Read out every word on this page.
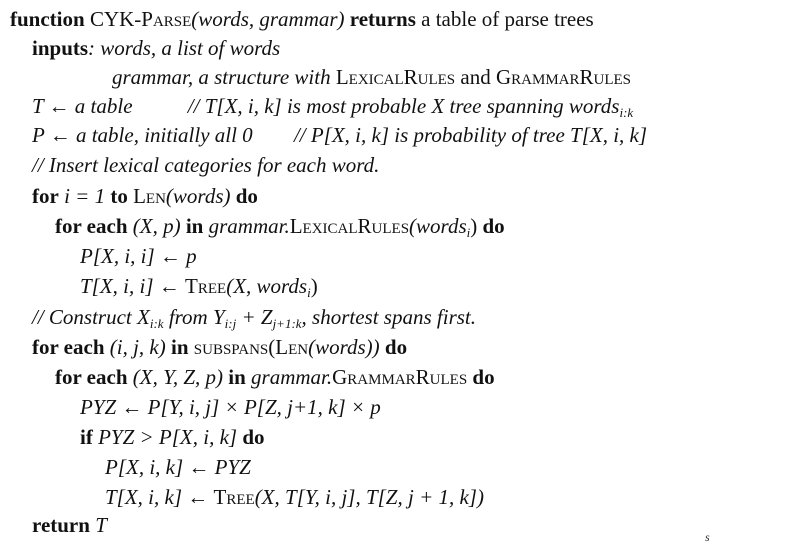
function CYK-Parse(words, grammar) returns a table of parse trees
inputs: words, a list of words
grammar, a structure with LexicalRules and GrammarRules
T ← a table	// T[X, i, k] is most probable X tree spanning words$_{i:k}$
P ← a table, initially all 0 // P[X, i, k] is probability of tree T[X, i, k]
// Insert lexical categories for each word.
for i = 1 to Len(words) do
for each (X, p) in grammar.LexicalRules(words$_i$) do
P[X, i, i] ← p
T[X, i, i] ← Tree(X, words$_i$)
// Construct $X_{i:k}$ from $Y_{i:j} + Z_{j+1:k}$, shortest spans first.
for each (i, j, k) in subspans(Len(words)) do
for each (X, Y, Z, p) in grammar.GrammarRules do
PYZ ← P[Y, i, j] × P[Z, j+1, k] × p
if PYZ > P[X, i, k] do
P[X, i, k] ← PYZ
T[X, i, k] ← Tree(X, T[Y, i, j], T[Z, j + 1, k])
return T	s
